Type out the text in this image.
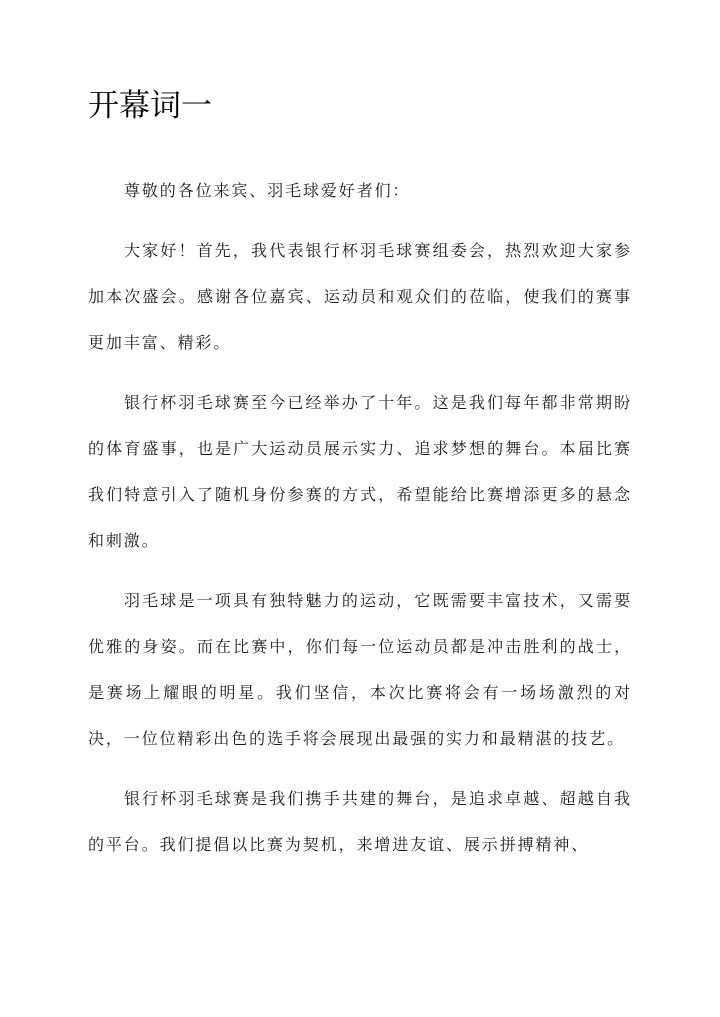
开幕词一

尊敬的各位来宾、羽毛球爱好者们：

大家好！首先，我代表银行杯羽毛球赛组委会，热烈欢迎大家参加本次盛会。感谢各位嘉宾、运动员和观众们的莅临，使我们的赛事更加丰富、精彩。

银行杯羽毛球赛至今已经举办了十年。这是我们每年都非常期盼的体育盛事，也是广大运动员展示实力、追求梦想的舞台。本届比赛我们特意引入了随机身份参赛的方式，希望能给比赛增添更多的悬念和刺激。

羽毛球是一项具有独特魅力的运动，它既需要丰富技术，又需要优雅的身姿。而在比赛中，你们每一位运动员都是冲击胜利的战士，是赛场上耀眼的明星。我们坚信，本次比赛将会有一场场激烈的对决，一位位精彩出色的选手将会展现出最强的实力和最精湛的技艺。

银行杯羽毛球赛是我们携手共建的舞台，是追求卓越、超越自我的平台。我们提倡以比赛为契机，来增进友谊、展示拼搏精神、
